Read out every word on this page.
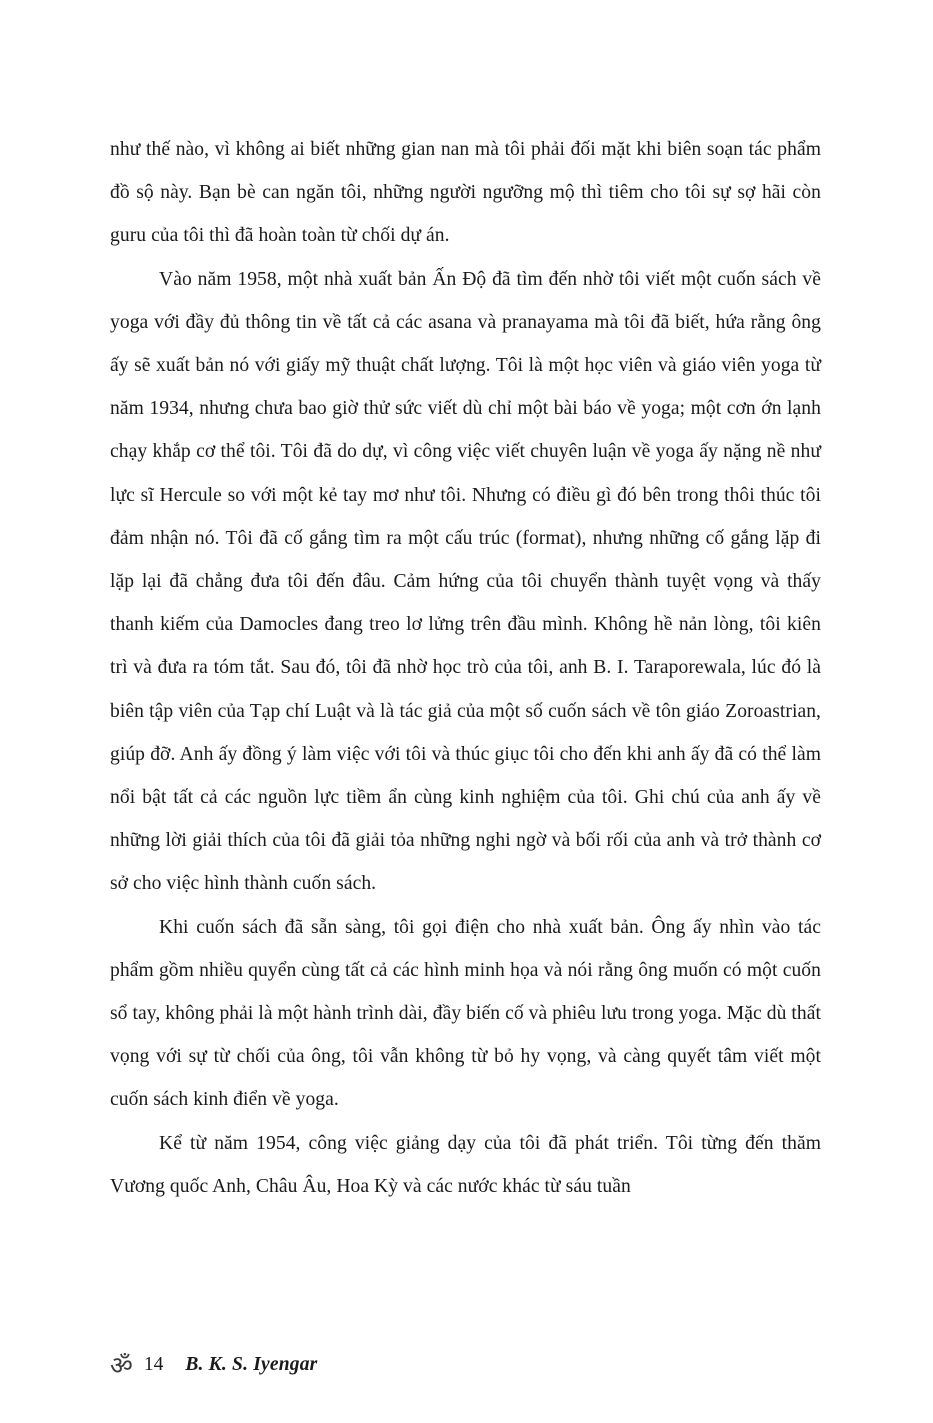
như thế nào, vì không ai biết những gian nan mà tôi phải đối mặt khi biên soạn tác phẩm đồ sộ này. Bạn bè can ngăn tôi, những người ngưỡng mộ thì tiêm cho tôi sự sợ hãi còn guru của tôi thì đã hoàn toàn từ chối dự án.

Vào năm 1958, một nhà xuất bản Ấn Độ đã tìm đến nhờ tôi viết một cuốn sách về yoga với đầy đủ thông tin về tất cả các asana và pranayama mà tôi đã biết, hứa rằng ông ấy sẽ xuất bản nó với giấy mỹ thuật chất lượng. Tôi là một học viên và giáo viên yoga từ năm 1934, nhưng chưa bao giờ thử sức viết dù chỉ một bài báo về yoga; một cơn ớn lạnh chạy khắp cơ thể tôi. Tôi đã do dự, vì công việc viết chuyên luận về yoga ấy nặng nề như lực sĩ Hercule so với một kẻ tay mơ như tôi. Nhưng có điều gì đó bên trong thôi thúc tôi đảm nhận nó. Tôi đã cố gắng tìm ra một cấu trúc (format), nhưng những cố gắng lặp đi lặp lại đã chẳng đưa tôi đến đâu. Cảm hứng của tôi chuyển thành tuyệt vọng và thấy thanh kiếm của Damocles đang treo lơ lửng trên đầu mình. Không hề nản lòng, tôi kiên trì và đưa ra tóm tắt. Sau đó, tôi đã nhờ học trò của tôi, anh B. I. Taraporewala, lúc đó là biên tập viên của Tạp chí Luật và là tác giả của một số cuốn sách về tôn giáo Zoroastrian, giúp đỡ. Anh ấy đồng ý làm việc với tôi và thúc giục tôi cho đến khi anh ấy đã có thể làm nổi bật tất cả các nguồn lực tiềm ẩn cùng kinh nghiệm của tôi. Ghi chú của anh ấy về những lời giải thích của tôi đã giải tỏa những nghi ngờ và bối rối của anh và trở thành cơ sở cho việc hình thành cuốn sách.

Khi cuốn sách đã sẵn sàng, tôi gọi điện cho nhà xuất bản. Ông ấy nhìn vào tác phẩm gồm nhiều quyển cùng tất cả các hình minh họa và nói rằng ông muốn có một cuốn sổ tay, không phải là một hành trình dài, đầy biến cố và phiêu lưu trong yoga. Mặc dù thất vọng với sự từ chối của ông, tôi vẫn không từ bỏ hy vọng, và càng quyết tâm viết một cuốn sách kinh điển về yoga.

Kể từ năm 1954, công việc giảng dạy của tôi đã phát triển. Tôi từng đến thăm Vương quốc Anh, Châu Âu, Hoa Kỳ và các nước khác từ sáu tuần

ॐ 14 B. K. S. Iyengar
